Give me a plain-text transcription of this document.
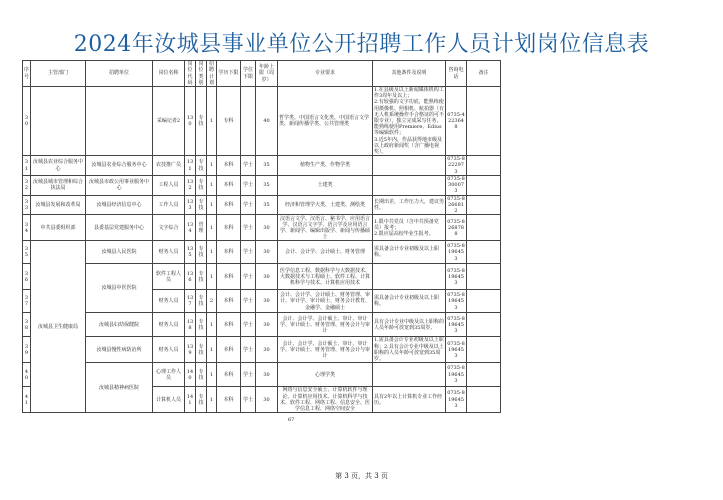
2024年汝城县事业单位公开招聘工作人员计划岗位信息表
序号	主管部门	招聘单位	岗位名称	岗位代码	岗位类别	招聘计划	学历下限	学位下限	年龄上限（周岁）	专业要求	其他条件及说明	咨询电话	备注
30			采编记者2	130	专技	1	专科		40	哲学类、中国语言文化类、中国语言文学类、新闻传播学类、公共管理类	1.在县级及以上新闻媒体机构工作3周年及以上；
2.有较强的文字功底，能熟练使用摄像机、照相机、航拍器（有无人机系统操作手合格证的可不限专业），独立完成采写任务，能熟练使用Premiere、Edius等编辑软件；
3.近5年内，作品获得地市级及以上政府新闻奖（含广播电视奖）。	0735-4223648	
31	汝城县农业综合服务中心	汝城县农业综合服务中心	农技推广员	131	专技	1	本科	学士	35	植物生产类、作物学类		0735-8222973	
32	汝城县城市管理和综合执法局	汝城县市政公用事业服务中心	工程人员	132	专技	1	本科	学士	35	土建类		0735-8300073	
33	汝城县发展和改革局	汝城县经济信息中心	工作人员	133	专技	1	本科	学士	35	经济和管理学大类、土建类、测绘类	长期出差，工作压力大，建议男性。	0735-8266812	
34	中共县委组织部	县委基层党建服务中心	文字综合	134	管理	1	本科	学士	30	汉语言文学、汉语言、秘书学、应用语言学、汉语言文字学、语言学及应用语言学、新闻学、编辑出版学、新闻与传播硕士	1.限中共党员（含中共预备党员）报考；
2.限应届高校毕业生报考。	0735-8268788	
35	汝城县卫生健康局	汝城县人民医院	财务人员	135	专技	1	本科	学士	30	会计、会计学、会计硕士、财务管理	需具备会计专业初级及以上职称。	0735-8196453	
36		汝城县中医医院	软件工程人员	136	专技	1	本科	学士	30	医学信息工程、数据科学与大数据技术、大数据技术与工程硕士、软件工程、计算机科学与技术、计算机应用技术		0735-8196453	
37			财务人员	137	专技	2	本科	学士	30	会计、会计学、会计硕士、财务管理、审计、审计学、审计硕士、财务会计教育、金融学、金融硕士	需具备会计专业初级及以上职称。	0735-8196453	
38		汝城县妇幼保健院	财务人员	138	专技	1	本科	学士	30	会计、会计学、会计硕士、审计、审计学、审计硕士、财务管理、财务会计与审计	具有会计专业中级及以上职称的人员年龄可放宽到35周岁。	0735-8196453	
39		汝城县慢性病防治所	财务人员	139	专技	1	本科	学士	30	会计、会计学、会计硕士、审计、审计学、审计硕士、财务管理、财务会计与审计	1.需具备会计专业初级及以上职称；2.具有会计专业中级及以上职称的人员年龄可放宽到35周岁。	0735-8196453	
40		汝城县精神病医院	心理工作人员	140	专技	1	本科	学士	30	心理学类		0735-8196453	
41			计算机人员	141	专技	1	本科	学士	30	网络与信息安全硕士、计算机软件与理论、计算机应用技术、计算机科学与技术、软件工程、网络工程、信息安全、医学信息工程、网络空间安全	具有2年以上计算机专业工作经历。	0735-8196453	
67
第 3 页，共 3 页
